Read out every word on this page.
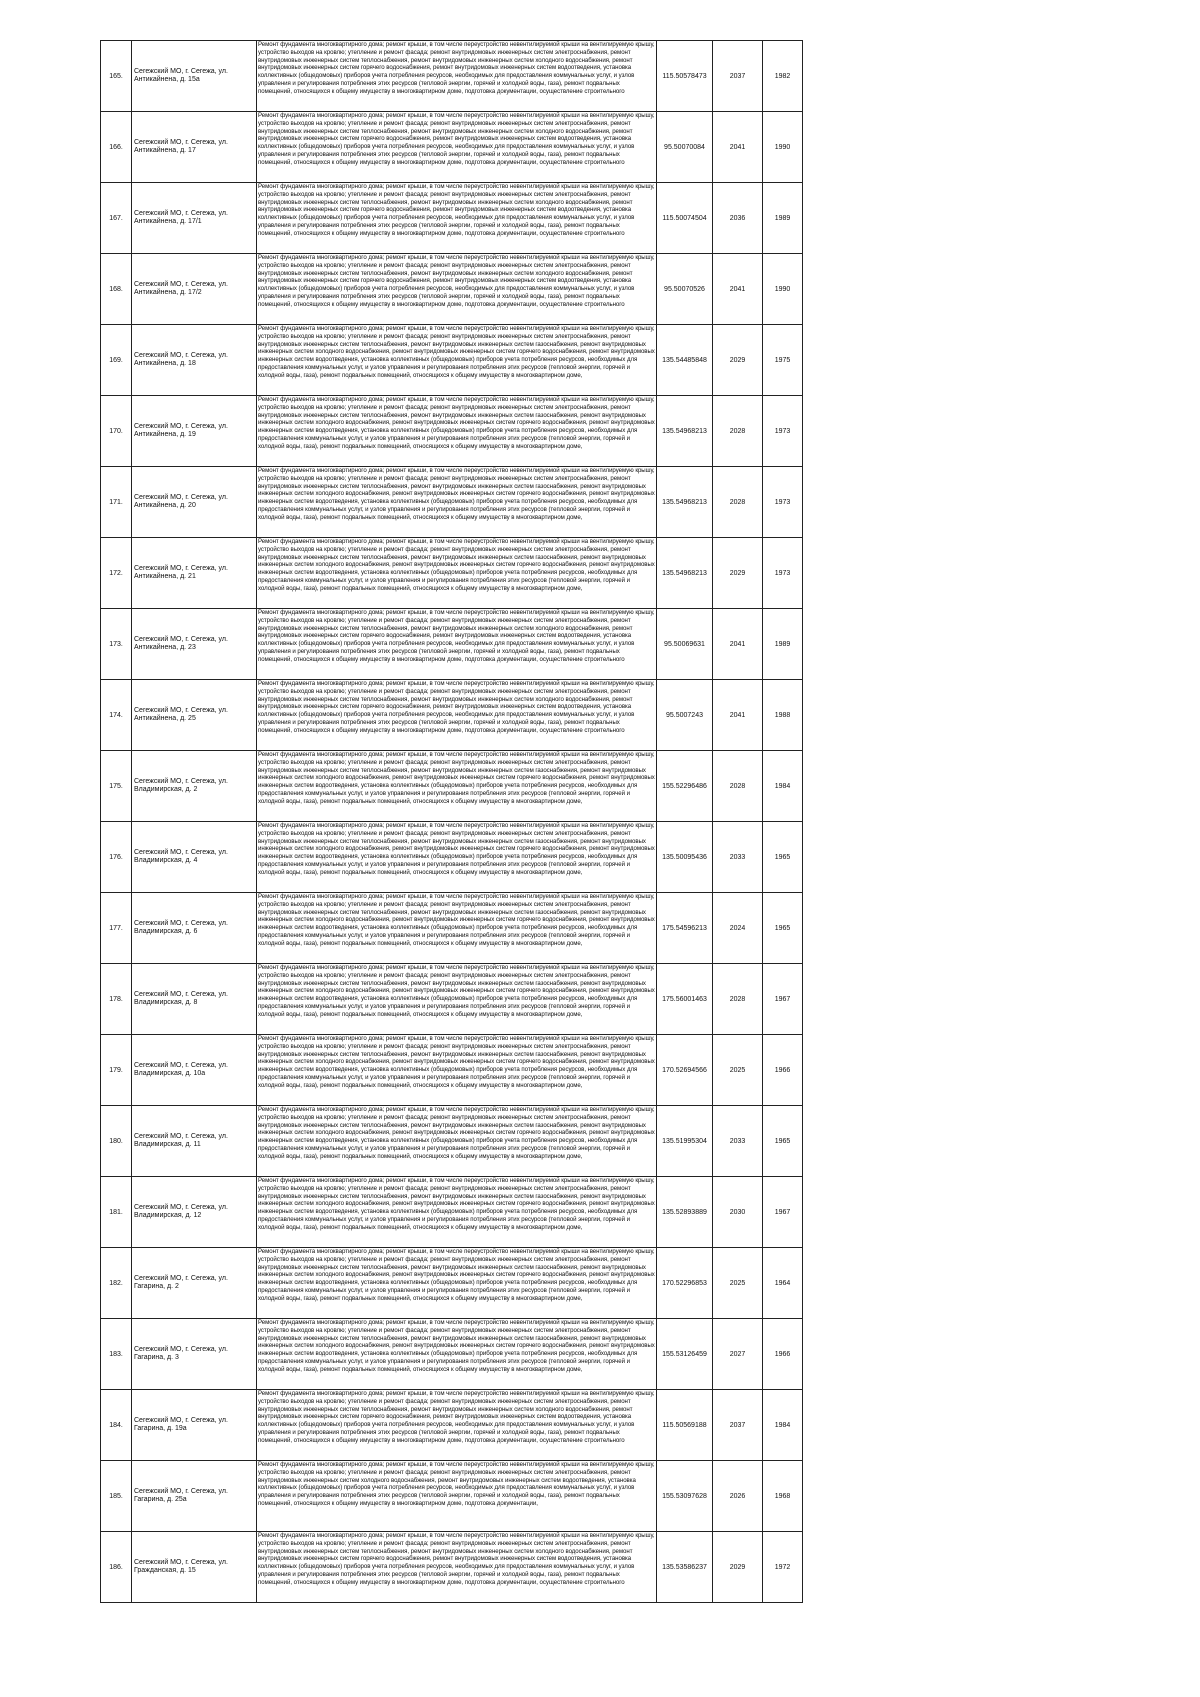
165.	Сегежский МО, г. Сегежа, ул. Антикайнена, д. 15а	Ремонт фундамента многоквартирного дома; ремонт крыши, в том числе переустройство невентилируемой крыши на вентилируемую крышу, устройство выходов на кровлю; утепление и ремонт фасада; ремонт внутридомовых инженерных систем электроснабжения, ремонт внутридомовых инженерных систем теплоснабжения, ремонт внутридомовых инженерных систем холодного водоснабжения, ремонт внутридомовых инженерных систем горячего водоснабжения, ремонт внутридомовых инженерных систем водоотведения, установка коллективных (общедомовых) приборов учета потребления ресурсов, необходимых для предоставления коммунальных услуг, и узлов управления и регулирования потребления этих ресурсов (тепловой энергии, горячей и холодной воды, газа), ремонт подвальных помещений, относящихся к общему имуществу в многоквартирном доме, подготовка документации, осуществление строительного	115.50578473	2037	1982
166.	Сегежский МО, г. Сегежа, ул. Антикайнена, д. 17	Ремонт фундамента многоквартирного дома; ремонт крыши, в том числе переустройство невентилируемой крыши на вентилируемую крышу, устройство выходов на кровлю; утепление и ремонт фасада; ремонт внутридомовых инженерных систем электроснабжения, ремонт внутридомовых инженерных систем теплоснабжения, ремонт внутридомовых инженерных систем холодного водоснабжения, ремонт внутридомовых инженерных систем горячего водоснабжения, ремонт внутридомовых инженерных систем водоотведения, установка коллективных (общедомовых) приборов учета потребления ресурсов, необходимых для предоставления коммунальных услуг, и узлов управления и регулирования потребления этих ресурсов (тепловой энергии, горячей и холодной воды, газа), ремонт подвальных помещений, относящихся к общему имуществу в многоквартирном доме, подготовка документации, осуществление строительного	95.50070084	2041	1990
167.	Сегежский МО, г. Сегежа, ул. Антикайнена, д. 17/1	Ремонт фундамента многоквартирного дома; ремонт крыши, в том числе переустройство невентилируемой крыши на вентилируемую крышу, устройство выходов на кровлю; утепление и ремонт фасада; ремонт внутридомовых инженерных систем электроснабжения, ремонт внутридомовых инженерных систем теплоснабжения, ремонт внутридомовых инженерных систем холодного водоснабжения, ремонт внутридомовых инженерных систем горячего водоснабжения, ремонт внутридомовых инженерных систем водоотведения, установка коллективных (общедомовых) приборов учета потребления ресурсов, необходимых для предоставления коммунальных услуг, и узлов управления и регулирования потребления этих ресурсов (тепловой энергии, горячей и холодной воды, газа), ремонт подвальных помещений, относящихся к общему имуществу в многоквартирном доме, подготовка документации, осуществление строительного	115.50074504	2036	1989
168.	Сегежский МО, г. Сегежа, ул. Антикайнена, д. 17/2	Ремонт фундамента многоквартирного дома; ремонт крыши, в том числе переустройство невентилируемой крыши на вентилируемую крышу, устройство выходов на кровлю; утепление и ремонт фасада; ремонт внутридомовых инженерных систем электроснабжения, ремонт внутридомовых инженерных систем теплоснабжения, ремонт внутридомовых инженерных систем холодного водоснабжения, ремонт внутридомовых инженерных систем горячего водоснабжения, ремонт внутридомовых инженерных систем водоотведения, установка коллективных (общедомовых) приборов учета потребления ресурсов, необходимых для предоставления коммунальных услуг, и узлов управления и регулирования потребления этих ресурсов (тепловой энергии, горячей и холодной воды, газа), ремонт подвальных помещений, относящихся к общему имуществу в многоквартирном доме, подготовка документации, осуществление строительного	95.50070526	2041	1990
169.	Сегежский МО, г. Сегежа, ул. Антикайнена, д. 18	Ремонт фундамента многоквартирного дома; ремонт крыши, в том числе переустройство невентилируемой крыши на вентилируемую крышу, устройство выходов на кровлю; утепление и ремонт фасада; ремонт внутридомовых инженерных систем электроснабжения, ремонт внутридомовых инженерных систем теплоснабжения, ремонт внутридомовых инженерных систем газоснабжения, ремонт внутридомовых инженерных систем холодного водоснабжения, ремонт внутридомовых инженерных систем горячего водоснабжения, ремонт внутридомовых инженерных систем водоотведения, установка коллективных (общедомовых) приборов учета потребления ресурсов, необходимых для предоставления коммунальных услуг, и узлов управления и регулирования потребления этих ресурсов (тепловой энергии, горячей и холодной воды, газа), ремонт подвальных помещений, относящихся к общему имуществу в многоквартирном доме,	135.54485848	2029	1975
170.	Сегежский МО, г. Сегежа, ул. Антикайнена, д. 19	Ремонт фундамента многоквартирного дома; ремонт крыши, в том числе переустройство невентилируемой крыши на вентилируемую крышу, устройство выходов на кровлю; утепление и ремонт фасада; ремонт внутридомовых инженерных систем электроснабжения, ремонт внутридомовых инженерных систем теплоснабжения, ремонт внутридомовых инженерных систем газоснабжения, ремонт внутридомовых инженерных систем холодного водоснабжения, ремонт внутридомовых инженерных систем горячего водоснабжения, ремонт внутридомовых инженерных систем водоотведения, установка коллективных (общедомовых) приборов учета потребления ресурсов, необходимых для предоставления коммунальных услуг, и узлов управления и регулирования потребления этих ресурсов (тепловой энергии, горячей и холодной воды, газа), ремонт подвальных помещений, относящихся к общему имуществу в многоквартирном доме,	135.54968213	2028	1973
171.	Сегежский МО, г. Сегежа, ул. Антикайнена, д. 20	Ремонт фундамента многоквартирного дома; ремонт крыши, в том числе переустройство невентилируемой крыши на вентилируемую крышу, устройство выходов на кровлю; утепление и ремонт фасада; ремонт внутридомовых инженерных систем электроснабжения, ремонт внутридомовых инженерных систем теплоснабжения, ремонт внутридомовых инженерных систем газоснабжения, ремонт внутридомовых инженерных систем холодного водоснабжения, ремонт внутридомовых инженерных систем горячего водоснабжения, ремонт внутридомовых инженерных систем водоотведения, установка коллективных (общедомовых) приборов учета потребления ресурсов, необходимых для предоставления коммунальных услуг, и узлов управления и регулирования потребления этих ресурсов (тепловой энергии, горячей и холодной воды, газа), ремонт подвальных помещений, относящихся к общему имуществу в многоквартирном доме,	135.54968213	2028	1973
172.	Сегежский МО, г. Сегежа, ул. Антикайнена, д. 21	Ремонт фундамента многоквартирного дома; ремонт крыши, в том числе переустройство невентилируемой крыши на вентилируемую крышу, устройство выходов на кровлю; утепление и ремонт фасада; ремонт внутридомовых инженерных систем электроснабжения, ремонт внутридомовых инженерных систем теплоснабжения, ремонт внутридомовых инженерных систем газоснабжения, ремонт внутридомовых инженерных систем холодного водоснабжения, ремонт внутридомовых инженерных систем горячего водоснабжения, ремонт внутридомовых инженерных систем водоотведения, установка коллективных (общедомовых) приборов учета потребления ресурсов, необходимых для предоставления коммунальных услуг, и узлов управления и регулирования потребления этих ресурсов (тепловой энергии, горячей и холодной воды, газа), ремонт подвальных помещений, относящихся к общему имуществу в многоквартирном доме,	135.54968213	2029	1973
173.	Сегежский МО, г. Сегежа, ул. Антикайнена, д. 23	Ремонт фундамента многоквартирного дома; ремонт крыши, в том числе переустройство невентилируемой крыши на вентилируемую крышу, устройство выходов на кровлю; утепление и ремонт фасада; ремонт внутридомовых инженерных систем электроснабжения, ремонт внутридомовых инженерных систем теплоснабжения, ремонт внутридомовых инженерных систем холодного водоснабжения, ремонт внутридомовых инженерных систем горячего водоснабжения, ремонт внутридомовых инженерных систем водоотведения, установка коллективных (общедомовых) приборов учета потребления ресурсов, необходимых для предоставления коммунальных услуг, и узлов управления и регулирования потребления этих ресурсов (тепловой энергии, горячей и холодной воды, газа), ремонт подвальных помещений, относящихся к общему имуществу в многоквартирном доме, подготовка документации, осуществление строительного	95.50069631	2041	1989
174.	Сегежский МО, г. Сегежа, ул. Антикайнена, д. 25	Ремонт фундамента многоквартирного дома; ремонт крыши, в том числе переустройство невентилируемой крыши на вентилируемую крышу, устройство выходов на кровлю; утепление и ремонт фасада; ремонт внутридомовых инженерных систем электроснабжения, ремонт внутридомовых инженерных систем теплоснабжения, ремонт внутридомовых инженерных систем холодного водоснабжения, ремонт внутридомовых инженерных систем горячего водоснабжения, ремонт внутридомовых инженерных систем водоотведения, установка коллективных (общедомовых) приборов учета потребления ресурсов, необходимых для предоставления коммунальных услуг, и узлов управления и регулирования потребления этих ресурсов (тепловой энергии, горячей и холодной воды, газа), ремонт подвальных помещений, относящихся к общему имуществу в многоквартирном доме, подготовка документации, осуществление строительного	95.5007243	2041	1988
175.	Сегежский МО, г. Сегежа, ул. Владимирская, д. 2	Ремонт фундамента многоквартирного дома; ремонт крыши, в том числе переустройство невентилируемой крыши на вентилируемую крышу, устройство выходов на кровлю; утепление и ремонт фасада; ремонт внутридомовых инженерных систем электроснабжения, ремонт внутридомовых инженерных систем теплоснабжения, ремонт внутридомовых инженерных систем газоснабжения, ремонт внутридомовых инженерных систем холодного водоснабжения, ремонт внутридомовых инженерных систем горячего водоснабжения, ремонт внутридомовых инженерных систем водоотведения, установка коллективных (общедомовых) приборов учета потребления ресурсов, необходимых для предоставления коммунальных услуг, и узлов управления и регулирования потребления этих ресурсов (тепловой энергии, горячей и холодной воды, газа), ремонт подвальных помещений, относящихся к общему имуществу в многоквартирном доме,	155.52296486	2028	1984
176.	Сегежский МО, г. Сегежа, ул. Владимирская, д. 4	Ремонт фундамента многоквартирного дома; ремонт крыши, в том числе переустройство невентилируемой крыши на вентилируемую крышу, устройство выходов на кровлю; утепление и ремонт фасада; ремонт внутридомовых инженерных систем электроснабжения, ремонт внутридомовых инженерных систем теплоснабжения, ремонт внутридомовых инженерных систем газоснабжения, ремонт внутридомовых инженерных систем холодного водоснабжения, ремонт внутридомовых инженерных систем горячего водоснабжения, ремонт внутридомовых инженерных систем водоотведения, установка коллективных (общедомовых) приборов учета потребления ресурсов, необходимых для предоставления коммунальных услуг, и узлов управления и регулирования потребления этих ресурсов (тепловой энергии, горячей и холодной воды, газа), ремонт подвальных помещений, относящихся к общему имуществу в многоквартирном доме,	135.50095436	2033	1965
177.	Сегежский МО, г. Сегежа, ул. Владимирская, д. 6	Ремонт фундамента многоквартирного дома; ремонт крыши, в том числе переустройство невентилируемой крыши на вентилируемую крышу, устройство выходов на кровлю; утепление и ремонт фасада; ремонт внутридомовых инженерных систем электроснабжения, ремонт внутридомовых инженерных систем теплоснабжения, ремонт внутридомовых инженерных систем газоснабжения, ремонт внутридомовых инженерных систем холодного водоснабжения, ремонт внутридомовых инженерных систем горячего водоснабжения, ремонт внутридомовых инженерных систем водоотведения, установка коллективных (общедомовых) приборов учета потребления ресурсов, необходимых для предоставления коммунальных услуг, и узлов управления и регулирования потребления этих ресурсов (тепловой энергии, горячей и холодной воды, газа), ремонт подвальных помещений, относящихся к общему имуществу в многоквартирном доме,	175.54596213	2024	1965
178.	Сегежский МО, г. Сегежа, ул. Владимирская, д. 8	Ремонт фундамента многоквартирного дома; ремонт крыши, в том числе переустройство невентилируемой крыши на вентилируемую крышу, устройство выходов на кровлю; утепление и ремонт фасада; ремонт внутридомовых инженерных систем электроснабжения, ремонт внутридомовых инженерных систем теплоснабжения, ремонт внутридомовых инженерных систем газоснабжения, ремонт внутридомовых инженерных систем холодного водоснабжения, ремонт внутридомовых инженерных систем горячего водоснабжения, ремонт внутридомовых инженерных систем водоотведения, установка коллективных (общедомовых) приборов учета потребления ресурсов, необходимых для предоставления коммунальных услуг, и узлов управления и регулирования потребления этих ресурсов (тепловой энергии, горячей и холодной воды, газа), ремонт подвальных помещений, относящихся к общему имуществу в многоквартирном доме,	175.56001463	2028	1967
179.	Сегежский МО, г. Сегежа, ул. Владимирская, д. 10а	Ремонт фундамента многоквартирного дома; ремонт крыши, в том числе переустройство невентилируемой крыши на вентилируемую крышу, устройство выходов на кровлю; утепление и ремонт фасада; ремонт внутридомовых инженерных систем электроснабжения, ремонт внутридомовых инженерных систем теплоснабжения, ремонт внутридомовых инженерных систем газоснабжения, ремонт внутридомовых инженерных систем холодного водоснабжения, ремонт внутридомовых инженерных систем горячего водоснабжения, ремонт внутридомовых инженерных систем водоотведения, установка коллективных (общедомовых) приборов учета потребления ресурсов, необходимых для предоставления коммунальных услуг, и узлов управления и регулирования потребления этих ресурсов (тепловой энергии, горячей и холодной воды, газа), ремонт подвальных помещений, относящихся к общему имуществу в многоквартирном доме,	170.52694566	2025	1966
180.	Сегежский МО, г. Сегежа, ул. Владимирская, д. 11	Ремонт фундамента многоквартирного дома; ремонт крыши, в том числе переустройство невентилируемой крыши на вентилируемую крышу, устройство выходов на кровлю; утепление и ремонт фасада; ремонт внутридомовых инженерных систем электроснабжения, ремонт внутридомовых инженерных систем теплоснабжения, ремонт внутридомовых инженерных систем газоснабжения, ремонт внутридомовых инженерных систем холодного водоснабжения, ремонт внутридомовых инженерных систем горячего водоснабжения, ремонт внутридомовых инженерных систем водоотведения, установка коллективных (общедомовых) приборов учета потребления ресурсов, необходимых для предоставления коммунальных услуг, и узлов управления и регулирования потребления этих ресурсов (тепловой энергии, горячей и холодной воды, газа), ремонт подвальных помещений, относящихся к общему имуществу в многоквартирном доме,	135.51995304	2033	1965
181.	Сегежский МО, г. Сегежа, ул. Владимирская, д. 12	Ремонт фундамента многоквартирного дома; ремонт крыши, в том числе переустройство невентилируемой крыши на вентилируемую крышу, устройство выходов на кровлю; утепление и ремонт фасада; ремонт внутридомовых инженерных систем электроснабжения, ремонт внутридомовых инженерных систем теплоснабжения, ремонт внутридомовых инженерных систем газоснабжения, ремонт внутридомовых инженерных систем холодного водоснабжения, ремонт внутридомовых инженерных систем горячего водоснабжения, ремонт внутридомовых инженерных систем водоотведения, установка коллективных (общедомовых) приборов учета потребления ресурсов, необходимых для предоставления коммунальных услуг, и узлов управления и регулирования потребления этих ресурсов (тепловой энергии, горячей и холодной воды, газа), ремонт подвальных помещений, относящихся к общему имуществу в многоквартирном доме,	135.52893889	2030	1967
182.	Сегежский МО, г. Сегежа, ул. Гагарина, д. 2	Ремонт фундамента многоквартирного дома; ремонт крыши, в том числе переустройство невентилируемой крыши на вентилируемую крышу, устройство выходов на кровлю; утепление и ремонт фасада; ремонт внутридомовых инженерных систем электроснабжения, ремонт внутридомовых инженерных систем теплоснабжения, ремонт внутридомовых инженерных систем газоснабжения, ремонт внутридомовых инженерных систем холодного водоснабжения, ремонт внутридомовых инженерных систем горячего водоснабжения, ремонт внутридомовых инженерных систем водоотведения, установка коллективных (общедомовых) приборов учета потребления ресурсов, необходимых для предоставления коммунальных услуг, и узлов управления и регулирования потребления этих ресурсов (тепловой энергии, горячей и холодной воды, газа), ремонт подвальных помещений, относящихся к общему имуществу в многоквартирном доме,	170.52296853	2025	1964
183.	Сегежский МО, г. Сегежа, ул. Гагарина, д. 3	Ремонт фундамента многоквартирного дома; ремонт крыши, в том числе переустройство невентилируемой крыши на вентилируемую крышу, устройство выходов на кровлю; утепление и ремонт фасада; ремонт внутридомовых инженерных систем электроснабжения, ремонт внутридомовых инженерных систем теплоснабжения, ремонт внутридомовых инженерных систем газоснабжения, ремонт внутридомовых инженерных систем холодного водоснабжения, ремонт внутридомовых инженерных систем горячего водоснабжения, ремонт внутридомовых инженерных систем водоотведения, установка коллективных (общедомовых) приборов учета потребления ресурсов, необходимых для предоставления коммунальных услуг, и узлов управления и регулирования потребления этих ресурсов (тепловой энергии, горячей и холодной воды, газа), ремонт подвальных помещений, относящихся к общему имуществу в многоквартирном доме,	155.53126459	2027	1966
184.	Сегежский МО, г. Сегежа, ул. Гагарина, д. 19а	Ремонт фундамента многоквартирного дома; ремонт крыши, в том числе переустройство невентилируемой крыши на вентилируемую крышу, устройство выходов на кровлю; утепление и ремонт фасада; ремонт внутридомовых инженерных систем электроснабжения, ремонт внутридомовых инженерных систем теплоснабжения, ремонт внутридомовых инженерных систем холодного водоснабжения, ремонт внутридомовых инженерных систем горячего водоснабжения, ремонт внутридомовых инженерных систем водоотведения, установка коллективных (общедомовых) приборов учета потребления ресурсов, необходимых для предоставления коммунальных услуг, и узлов управления и регулирования потребления этих ресурсов (тепловой энергии, горячей и холодной воды, газа), ремонт подвальных помещений, относящихся к общему имуществу в многоквартирном доме, подготовка документации, осуществление строительного	115.50569188	2037	1984
185.	Сегежский МО, г. Сегежа, ул. Гагарина, д. 25а	Ремонт фундамента многоквартирного дома; ремонт крыши, в том числе переустройство невентилируемой крыши на вентилируемую крышу, устройство выходов на кровлю; утепление и ремонт фасада; ремонт внутридомовых инженерных систем электроснабжения, ремонт внутридомовых инженерных систем холодного водоснабжения, ремонт внутридомовых инженерных систем водоотведения, установка коллективных (общедомовых) приборов учета потребления ресурсов, необходимых для предоставления коммунальных услуг, и узлов управления и регулирования потребления этих ресурсов (тепловой энергии, горячей и холодной воды, газа), ремонт подвальных помещений, относящихся к общему имуществу в многоквартирном доме, подготовка документации,	155.53097628	2026	1968
186.	Сегежский МО, г. Сегежа, ул. Гражданская, д. 15	Ремонт фундамента многоквартирного дома; ремонт крыши, в том числе переустройство невентилируемой крыши на вентилируемую крышу, устройство выходов на кровлю; утепление и ремонт фасада; ремонт внутридомовых инженерных систем электроснабжения, ремонт внутридомовых инженерных систем теплоснабжения, ремонт внутридомовых инженерных систем холодного водоснабжения, ремонт внутридомовых инженерных систем горячего водоснабжения, ремонт внутридомовых инженерных систем водоотведения, установка коллективных (общедомовых) приборов учета потребления ресурсов, необходимых для предоставления коммунальных услуг, и узлов управления и регулирования потребления этих ресурсов (тепловой энергии, горячей и холодной воды, газа), ремонт подвальных помещений, относящихся к общему имуществу в многоквартирном доме, подготовка документации, осуществление строительного	135.53586237	2029	1972
